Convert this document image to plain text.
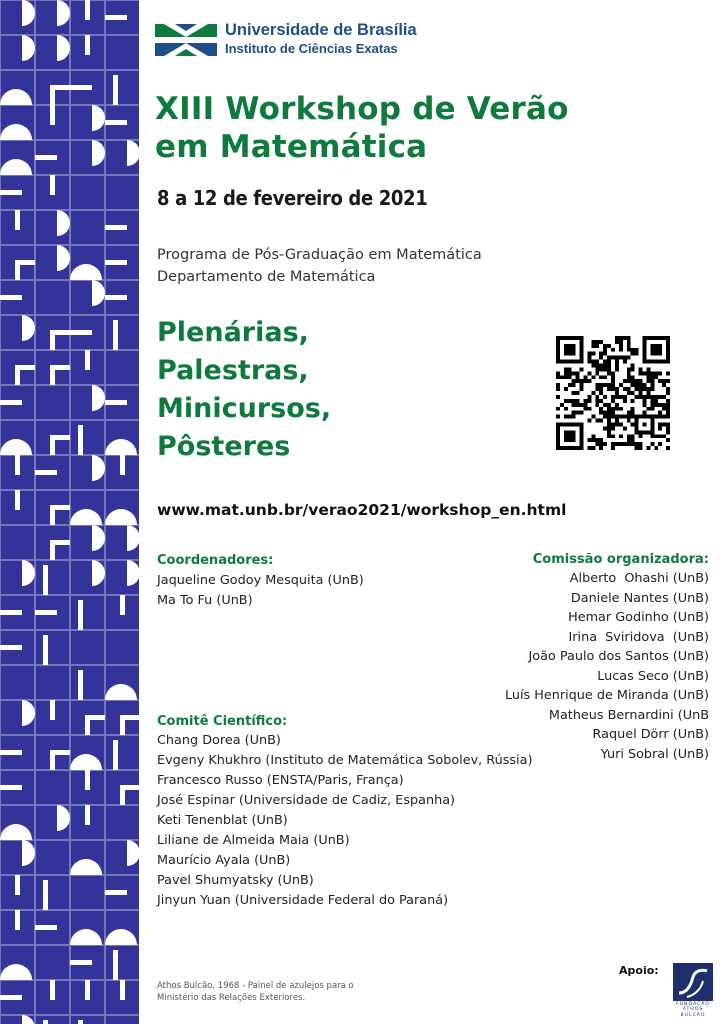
Universidade de Brasília
Instituto de Ciências Exatas
XIII Workshop de Verão
em Matemática
8 a 12 de fevereiro de 2021
Programa de Pós-Graduação em Matemática
Departamento de Matemática
Plenárias,
Palestras,
Minicursos,
Pôsteres
www.mat.unb.br/verao2021/workshop_en.html
Coordenadores:
Jaqueline Godoy Mesquita (UnB)
Ma To Fu (UnB)
Comissão organizadora:
Alberto  Ohashi (UnB)
Daniele Nantes (UnB)
Hemar Godinho (UnB)
Irina  Sviridova  (UnB)
João Paulo dos Santos (UnB)
Lucas Seco (UnB)
Luís Henrique de Miranda (UnB)
Matheus Bernardini (UnB
Raquel Dörr (UnB)
Yuri Sobral (UnB)
Comitê Científico:
Chang Dorea (UnB)
Evgeny Khukhro (Instituto de Matemática Sobolev, Rússia)
Francesco Russo (ENSTA/Paris, França)
José Espinar (Universidade de Cadiz, Espanha)
Keti Tenenblat (UnB)
Liliane de Almeida Maia (UnB)
Maurício Ayala (UnB)
Pavel Shumyatsky (UnB)
Jinyun Yuan (Universidade Federal do Paraná)
Athos Bulcão, 1968 - Painel de azulejos para o
Ministério das Relações Exteriores.
Apoio:
FUNDAÇÃO
ATHOS
BULCÃO
